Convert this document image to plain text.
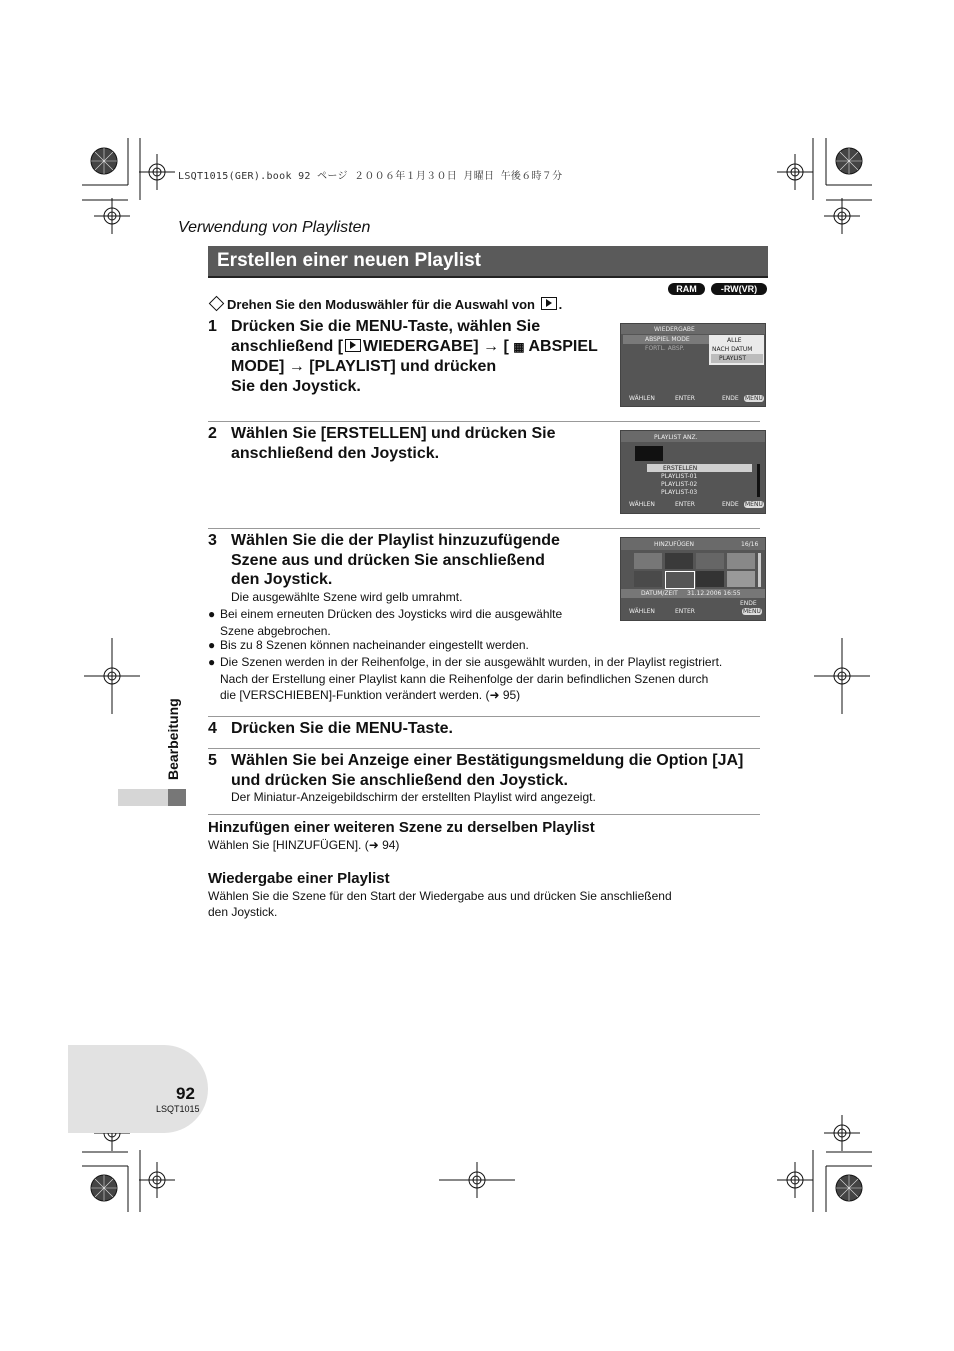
LSQT1015(GER).book 92 ページ ２００６年１月３０日 月曜日 午後６時７分
Verwendung von Playlisten
Erstellen einer neuen Playlist
RAM	-RW(VR)
Drehen Sie den Moduswähler für die Auswahl von .
1 Drücken Sie die MENU-Taste, wählen Sie
anschließend [ WIEDERGABE] → [ ▦ ABSPIEL
MODE] → [PLAYLIST] und drücken
Sie den Joystick.
WIEDERGABE
ABSPIEL MODE
FORTL. ABSP.
ALLE
NACH DATUM
PLAYLIST
WÄHLEN	ENTER	ENDE MENU
2 Wählen Sie [ERSTELLEN] und drücken Sie
anschließend den Joystick.
PLAYLIST ANZ.
ERSTELLEN
PLAYLIST-01
PLAYLIST-02
PLAYLIST-03
WÄHLEN	ENTER	ENDE MENU
3 Wählen Sie die der Playlist hinzuzufügende
Szene aus und drücken Sie anschließend
den Joystick.
Die ausgewählte Szene wird gelb umrahmt.
● Bei einem erneuten Drücken des Joysticks wird die ausgewählte
Szene abgebrochen.
● Bis zu 8 Szenen können nacheinander eingestellt werden.
● Die Szenen werden in der Reihenfolge, in der sie ausgewählt wurden, in der Playlist registriert.
Nach der Erstellung einer Playlist kann die Reihenfolge der darin befindlichen Szenen durch
die [VERSCHIEBEN]-Funktion verändert werden. (➜ 95)
HINZUFÜGEN	16/16
DATUM/ZEIT 31.12.2006 16:55
WÄHLEN	ENTER
ENDE
MENU
4 Drücken Sie die MENU-Taste.
5 Wählen Sie bei Anzeige einer Bestätigungsmeldung die Option [JA]
und drücken Sie anschließend den Joystick.
Der Miniatur-Anzeigebildschirm der erstellten Playlist wird angezeigt.
Hinzufügen einer weiteren Szene zu derselben Playlist
Wählen Sie [HINZUFÜGEN]. (➜ 94)
Wiedergabe einer Playlist
Wählen Sie die Szene für den Start der Wiedergabe aus und drücken Sie anschließend
den Joystick.
Bearbeitung
92
LSQT1015
